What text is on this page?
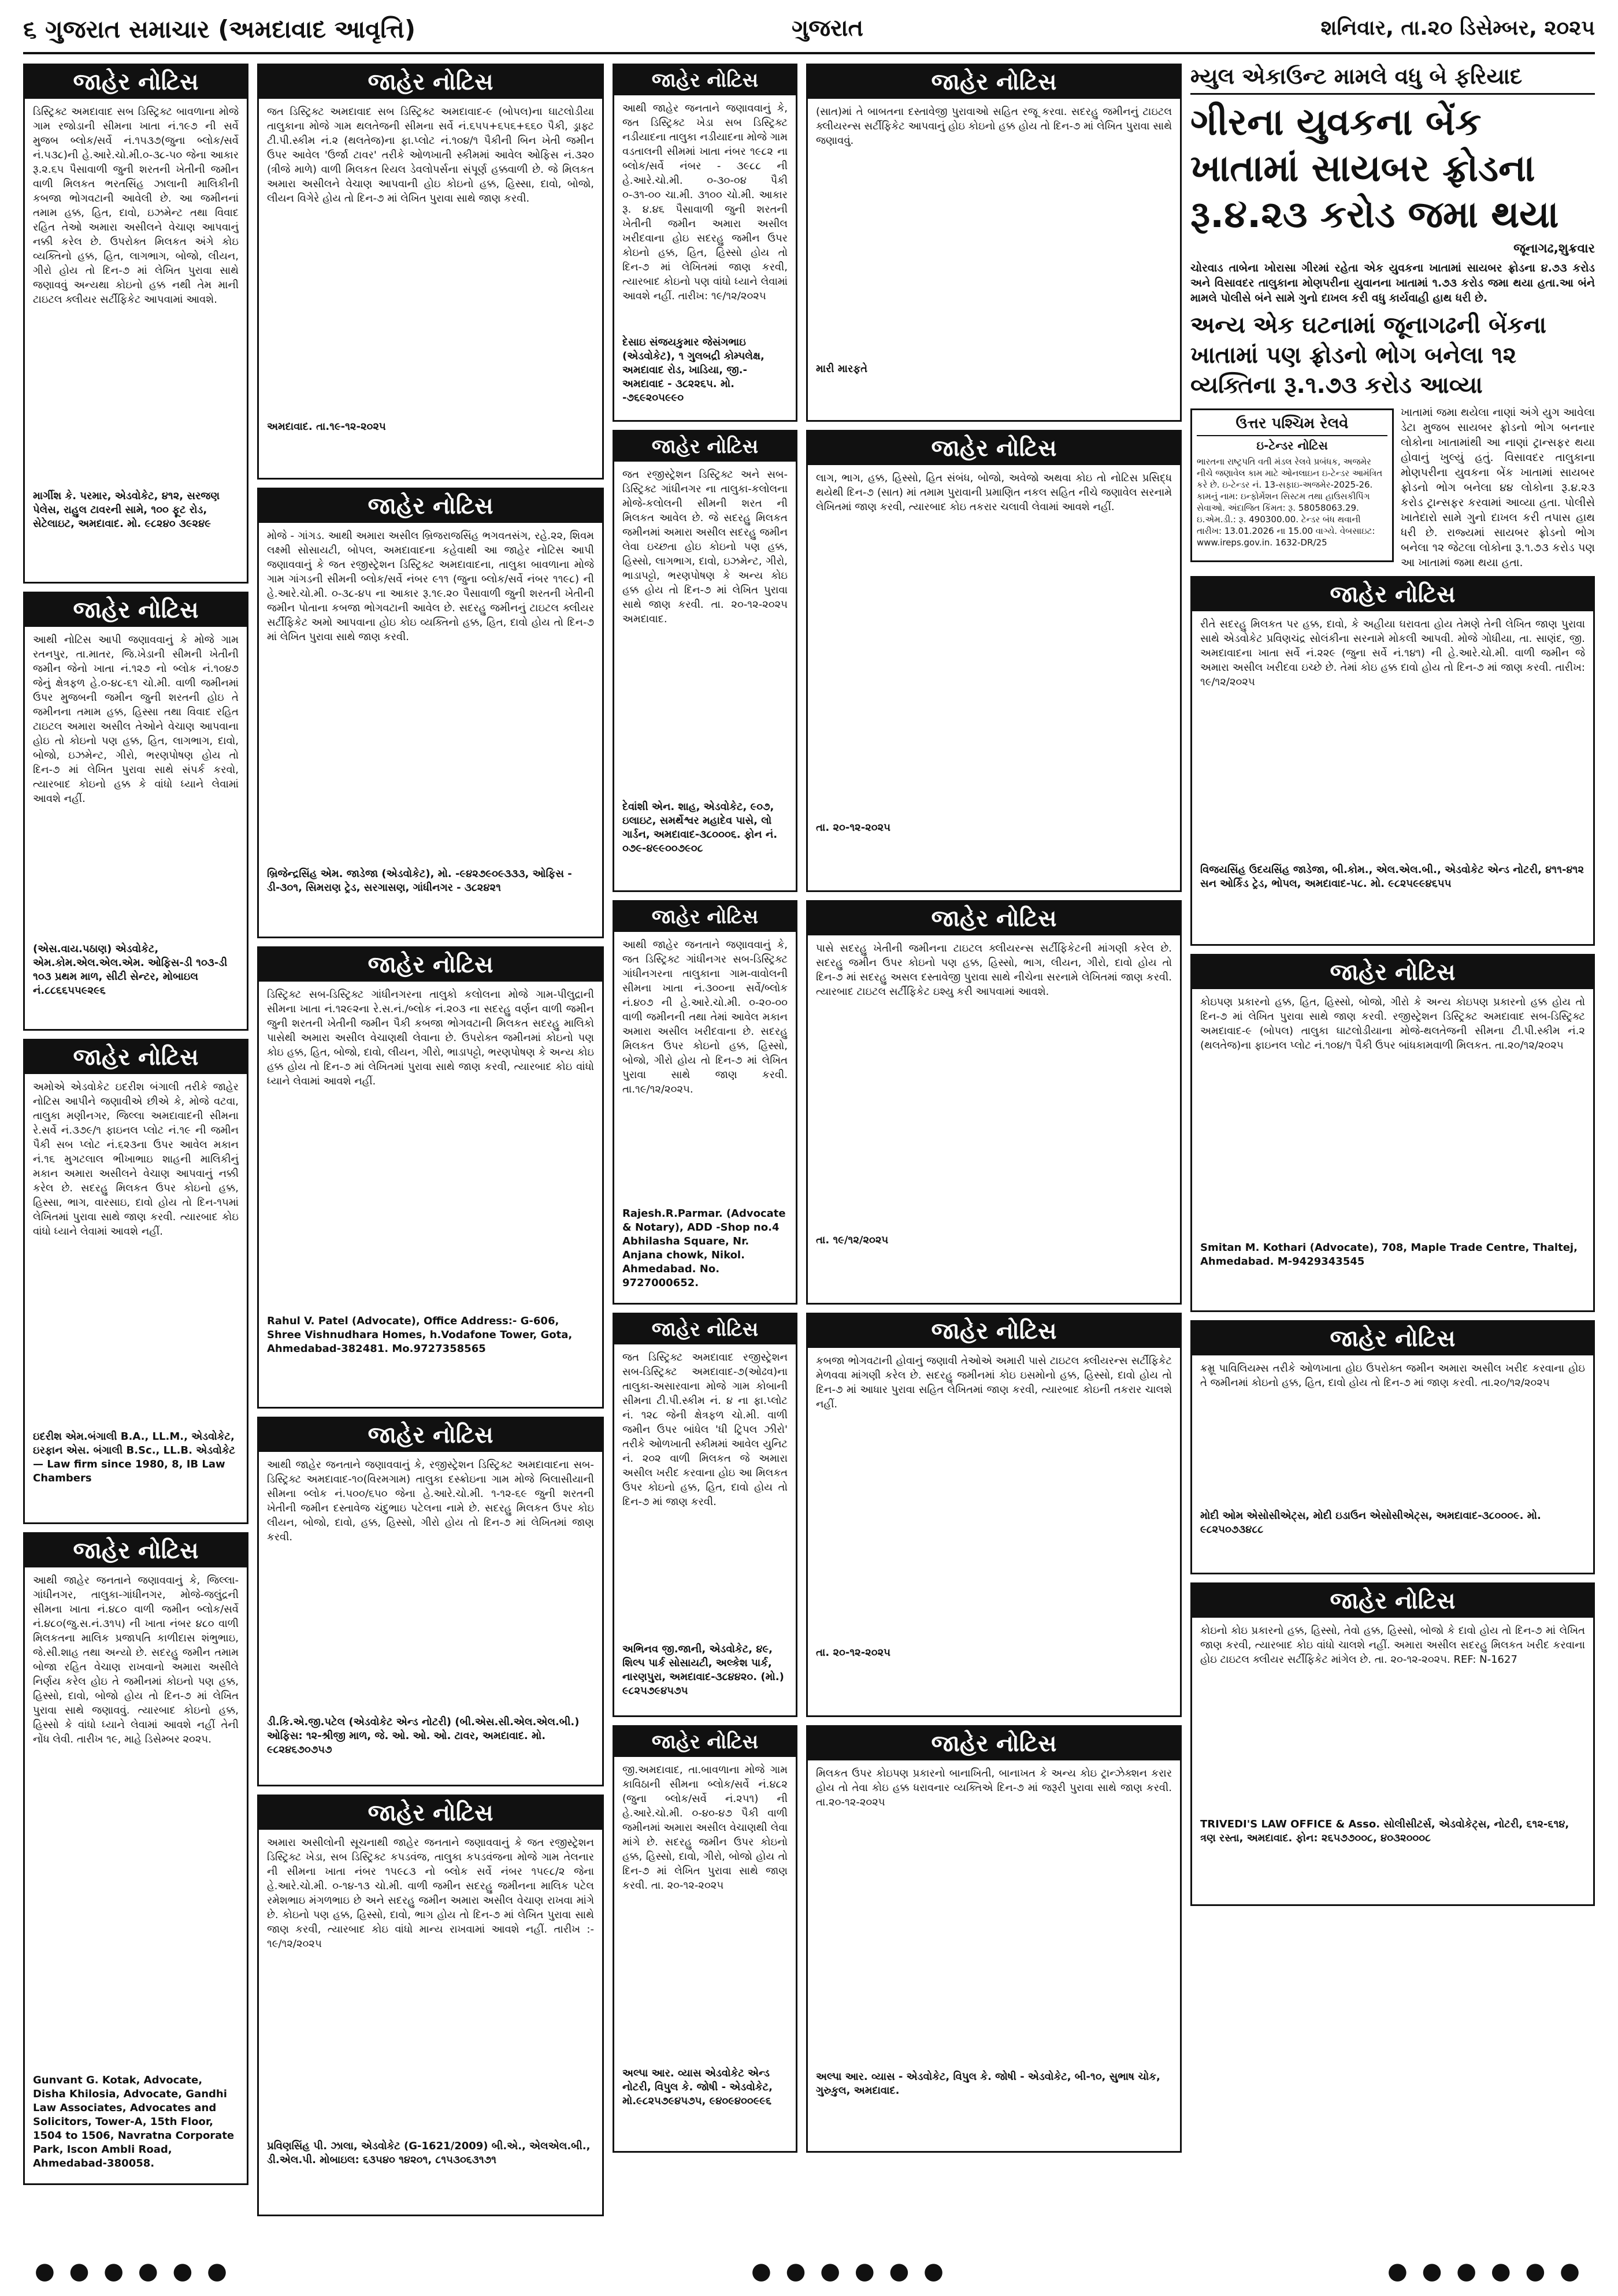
૬ ગુજરાત સમાચાર (અમદાવાદ આવૃત્તિ)	ગુજરાત	શનિવાર, તા.૨૦ ડિસેમ્બર, ૨૦૨૫
જાહેર નોટિસ
ડિસ્ટ્રિક્ટ અમદાવાદ સબ ડિસ્ટ્રિક્ટ બાવળાના મોજે ગામ રજોડાની સીમના ખાતા નં.૧૯૭ ની સર્વે મુજબ બ્લોક/સર્વે નં.૧૫૩૭(જુના બ્લોક/સર્વે નં.૫૩૮)ની હે.આરે.ચો.મી.૦-૩૮-૫૦ જેના આકાર રૂ.૨.૬૫ પૈસાવાળી જુની શરતની ખેતીની જમીન વાળી મિલકત ભરતસિંહ ઝાલાની માલિકીની કબજા ભોગવટાની આવેલી છે. આ જમીનનાં તમામ હક્ક, હિત, દાવો, ઇઝમેન્ટ તથા વિવાદ રહિત તેઓ અમારા અસીલને વેચાણ આપવાનું નક્કી કરેલ છે. ઉપરોક્ત મિલકત અંગે કોઇ વ્યક્તિનો હક્ક, હિત, લાગભાગ, બોજો, લીયન, ગીરો હોય તો દિન-૭ માં લેખિત પુરાવા સાથે જણાવવું અન્યથા કોઇનો હક્ક નથી તેમ માની ટાઇટલ ક્લીયર સર્ટીફિકેટ આપવામાં આવશે.
માર્ગીશ કે. પરમાર, એડવોકેટ, ૪૧૨, સરજણ પેલેસ, રાહુલ ટાવરની સામે, ૧૦૦ ફૂટ રોડ, સેટેલાઇટ, અમદાવાદ. મો. ૯૮૨૪૦ ૩૯૨૪૯
જાહેર નોટિસ
આથી નોટિસ આપી જણાવવાનું કે મોજે ગામ રતનપુર, તા.માતર, જિ.ખેડાની સીમની ખેતીની જમીન જેનો ખાતા નં.૧૨૭ નો બ્લોક નં.૧૦૪૭ જેનું ક્ષેત્રફળ હે.૦-૪૮-૬૧ ચો.મી. વાળી જમીનમાં ઉપર મુજબની જમીન જુની શરતની હોઇ તે જમીનના તમામ હક્ક, હિસ્સા તથા વિવાદ રહિત ટાઇટલ અમારા અસીલ તેઓને વેચાણ આપવાના હોઇ તો કોઇનો પણ હક્ક, હિત, લાગભાગ, દાવો, બોજો, ઇઝમેન્ટ, ગીરો, ભરણપોષણ હોય તો દિન-૭ માં લેખિત પુરાવા સાથે સંપર્ક કરવો, ત્યારબાદ કોઇનો હક્ક કે વાંધો ધ્યાને લેવામાં આવશે નહીં.
(એસ.વાય.પઠાણ) એડવોકેટ, એમ.કોમ.એલ.એલ.એમ. ઓફિસ-ડી ૧૦૩-ડી ૧૦૩ પ્રથમ માળ, સીટી સેન્ટર, મોબાઇલ નં.૮૮૬૬૫૫૯૨૯૬
જાહેર નોટિસ
અમોએ એડવોકેટ ઇદરીશ બંગાલી તરીકે જાહેર નોટિસ આપીને જણાવીએ છીએ કે, મોજે વટવા, તાલુકા મણીનગર, જિલ્લા અમદાવાદની સીમના રે.સર્વે નં.૩૭૯/૧ ફાઇનલ પ્લોટ નં.૧૯ ની જમીન પૈકી સબ પ્લોટ નં.૬૨૩ના ઉપર આવેલ મકાન નં.૧૬ મુગટલાલ ભીખાભાઇ શાહની માલિકીનું મકાન અમારા અસીલને વેચાણ આપવાનું નક્કી કરેલ છે. સદરહુ મિલકત ઉપર કોઇનો હક્ક, હિસ્સા, ભાગ, વારસાઇ, દાવો હોય તો દિન-૧૫માં લેખિતમાં પુરાવા સાથે જાણ કરવી. ત્યારબાદ કોઇ વાંધો ધ્યાને લેવામાં આવશે નહીં.
ઇદરીશ એમ.બંગાલી B.A., LL.M., એડવોકેટ, ઇરફાન એસ. બંગાલી B.Sc., LL.B. એડવોકેટ — Law firm since 1980, 8, IB Law Chambers
જાહેર નોટિસ
આથી જાહેર જનતાને જણાવવાનું કે, જિલ્લા-ગાંધીનગર, તાલુકા-ગાંધીનગર, મોજે-જલુંદ્રની સીમના ખાતા નં.૪૮૦ વાળી જમીન બ્લોક/સર્વે નં.૪૮૦(જુ.સ.નં.૩૧૫) ની ખાતા નંબર ૪૮૦ વાળી મિલકતના માલિક પ્રજાપતિ કાળીદાસ શંભુભાઇ, જે.સી.શાહ તથા અન્યો છે. સદરહુ જમીન તમામ બોજા રહિત વેચાણ રાખવાનો અમારા અસીલે નિર્ણય કરેલ હોઇ તે જમીનમાં કોઇનો પણ હક્ક, હિસ્સો, દાવો, બોજો હોય તો દિન-૭ માં લેખિત પુરાવા સાથે જણાવવું. ત્યારબાદ કોઇનો હક્ક, હિસ્સો કે વાંધો ધ્યાને લેવામાં આવશે નહીં તેની નોંધ લેવી. તારીખ ૧૯, માહે ડિસેમ્બર ૨૦૨૫.
Gunvant G. Kotak, Advocate, Disha Khilosia, Advocate, Gandhi Law Associates, Advocates and Solicitors, Tower-A, 15th Floor, 1504 to 1506, Navratna Corporate Park, Iscon Ambli Road, Ahmedabad-380058.
જાહેર નોટિસ
જત ડિસ્ટ્રિક્ટ અમદાવાદ સબ ડિસ્ટ્રિક્ટ અમદાવાદ-૯ (બોપલ)ના ઘાટલોડીયા તાલુકાના મોજે ગામ થલતેજની સીમના સર્વે નં.૬૫૫+૬૫૬+૬૬૦ પૈકી, ડ્રાફ્ટ ટી.પી.સ્કીમ નં.૨ (થલતેજ)ના ફા.પ્લોટ નં.૧૦૪/૧ પૈકીની બિન ખેતી જમીન ઉપર આવેલ 'ઉર્જા ટાવર' તરીકે ઓળખાતી સ્કીમમાં આવેલ ઓફિસ નં.૩૨૦ (ત્રીજે માળે) વાળી મિલકત રિયલ ડેવલોપર્સના સંપૂર્ણ હક્કવાળી છે. જે મિલકત અમારા અસીલને વેચાણ આપવાની હોઇ કોઇનો હક્ક, હિસ્સા, દાવો, બોજો, લીયન વિગેરે હોય તો દિન-૭ માં લેખિત પુરાવા સાથે જાણ કરવી.
અમદાવાદ. તા.૧૯-૧૨-૨૦૨૫
જાહેર નોટિસ
મોજે - ગાંગડ. આથી અમારા અસીલ બ્રિજરાજસિંહ ભગવતસંગ, રહે.૨૨, શિવમ લક્ષ્મી સોસાયટી, બોપલ, અમદાવાદના કહેવાથી આ જાહેર નોટિસ આપી જણાવવાનું કે જત રજીસ્ટ્રેશન ડિસ્ટ્રિક્ટ અમદાવાદના, તાલુકા બાવળાના મોજે ગામ ગાંગડની સીમની બ્લોક/સર્વે નંબર ૯૧૧ (જુના બ્લોક/સર્વે નંબર ૧૧૯૮) ની હે.આરે.ચો.મી. ૦-૩૮-૪૫ ના આકાર રૂ.૧૯.૨૦ પૈસાવાળી જુની શરતની ખેતીની જમીન પોતાના કબજા ભોગવટાની આવેલ છે. સદરહુ જમીનનું ટાઇટલ ક્લીયર સર્ટીફિકેટ અમો આપવાના હોઇ કોઇ વ્યક્તિનો હક્ક, હિત, દાવો હોય તો દિન-૭ માં લેખિત પુરાવા સાથે જાણ કરવી.
બ્રિજેન્દ્રસિંહ એમ. જાડેજા (એડવોકેટ), મો. -૯૪૨૭૯૦૯૩૩૩, ઓફિસ - ડી-૩૦૧, સિમરાણ ટ્રેડ, સરગાસણ, ગાંધીનગર - ૩૮૨૪૨૧
જાહેર નોટિસ
ડિસ્ટ્રિક્ટ સબ-ડિસ્ટ્રિક્ટ ગાંધીનગરના તાલુકો કલોલના મોજે ગામ-પીલુદ્રાની સીમના ખાતા નં.૧૨૯૨ના રે.સ.નં./બ્લોક નં.૨૦૩ ના સદરહુ વર્ણન વાળી જમીન જુની શરતની ખેતીની જમીન પૈકી કબજા ભોગવટાની મિલકત સદરહુ માલિકો પાસેથી અમારા અસીલ વેચાણથી લેવાના છે. ઉપરોક્ત જમીનમાં કોઇનો પણ કોઇ હક્ક, હિત, બોજો, દાવો, લીયન, ગીરો, ભાડાપટ્ટો, ભરણપોષણ કે અન્ય કોઇ હક્ક હોય તો દિન-૭ માં લેખિતમાં પુરાવા સાથે જાણ કરવી, ત્યારબાદ કોઇ વાંધો ધ્યાને લેવામાં આવશે નહીં.
Rahul V. Patel (Advocate), Office Address:- G-606, Shree Vishnudhara Homes, h.Vodafone Tower, Gota, Ahmedabad-382481. Mo.9727358565
જાહેર નોટિસ
આથી જાહેર જનતાને જણાવવાનું કે, રજીસ્ટ્રેશન ડિસ્ટ્રિક્ટ અમદાવાદના સબ-ડિસ્ટ્રિક્ટ અમદાવાદ-૧૦(વિરમગામ) તાલુકા દસ્ક્રોઇના ગામ મોજે બિલાસીયાની સીમના બ્લોક નં.૫૦૦/૬૫૦ જેના હે.આરે.ચો.મી. ૧-૧૨-૬૯ જુની શરતની ખેતીની જમીન દસ્તાવેજ ચંદુભાઇ પટેલના નામે છે. સદરહુ મિલકત ઉપર કોઇ લીયન, બોજો, દાવો, હક્ક, હિસ્સો, ગીરો હોય તો દિન-૭ માં લેખિતમાં જાણ કરવી.
ડી.કિ.એ.જી.પટેલ (એડવોકેટ એન્ડ નોટરી) (બી.એસ.સી.એલ.એલ.બી.) ઓફિસ: ૧૨-શ્રીજી માળ, જે. ઓ. ઓ. ઓ. ટાવર, અમદાવાદ. મો. ૯૮૨૪૬૭૦૭૫૭
જાહેર નોટિસ
અમારા અસીલોની સૂચનાથી જાહેર જનતાને જણાવવાનું કે જત રજીસ્ટ્રેશન ડિસ્ટ્રિક્ટ ખેડા, સબ ડિસ્ટ્રિક્ટ કપડવંજ, તાલુકા કપડવંજના મોજે ગામ તેલનાર ની સીમના ખાતા નંબર ૧૫૯૮૩ નો બ્લોક સર્વે નંબર ૧૫૯૮/૨ જેના હે.આરે.ચો.મી. ૦-૧૪-૧૩ ચો.મી. વાળી જમીન સદરહુ જમીનના માલિક પટેલ રમેશભાઇ મંગળભાઇ છે અને સદરહુ જમીન અમારા અસીલ વેચાણ રાખવા માંગે છે. કોઇનો પણ હક્ક, હિસ્સો, દાવો, ભાગ હોય તો દિન-૭ માં લેખિત પુરાવા સાથે જાણ કરવી, ત્યારબાદ કોઇ વાંધો માન્ય રાખવામાં આવશે નહીં. તારીખ :- ૧૯/૧૨/૨૦૨૫
પ્રવિણસિંહ પી. ઝાલા, એડવોકેટ (G-1621/2009) બી.એ., એલએલ.બી., ડી.એલ.પી. મોબાઇલ: ૬૩૫૪૦ ૧૪૨૦૧, ૮૧૫૩૦૬૩૧૭૧
જાહેર નોટિસ
આથી જાહેર જનતાને જણાવવાનું કે, જત ડિસ્ટ્રિક્ટ ખેડા સબ ડિસ્ટ્રિક્ટ નડીયાદના તાલુકા નડીયાદના મોજે ગામ વડતાલની સીમમાં ખાતા નંબર ૧૯૮૨ ના બ્લોક/સર્વે નંબર - ૩૯૮૮ ની હે.આરે.ચો.મી. ૦-૩૦-૦૪ પૈકી ૦-૩૧-૦૦ ચા.મી. ૩૧૦૦ ચો.મી. આકાર રૂ. ૪.૪૬ પૈસાવાળી જુની શરતની ખેતીની જમીન અમારા અસીલ ખરીદવાના હોઇ સદરહુ જમીન ઉપર કોઇનો હક્ક, હિત, હિસ્સો હોય તો દિન-૭ માં લેખિતમાં જાણ કરવી, ત્યારબાદ કોઇનો પણ વાંધો ધ્યાને લેવામાં આવશે નહીં. તારીખ: ૧૯/૧૨/૨૦૨૫
દેસાઇ સંજયકુમાર જેસંગભાઇ (એડવોકેટ), ૧ ગુલબદ્રી કોમ્પલેક્ષ, અમદાવાદ રોડ, ખાડિયા, જી.-અમદાવાદ - ૩૮૨૨૬૫. મો. -૭૬૯૨૦૫૯૯૦
જાહેર નોટિસ
જત રજીસ્ટ્રેશન ડિસ્ટ્રિક્ટ અને સબ-ડિસ્ટ્રિક્ટ ગાંધીનગર ના તાલુકા-કલોલના મોજે-કલોલની સીમની શરત ની મિલકત આવેલ છે. જે સદરહુ મિલકત જમીનમાં અમારા અસીલ સદરહુ જમીન લેવા ઇચ્છતા હોઇ કોઇનો પણ હક્ક, હિસ્સો, લાગભાગ, દાવો, ઇઝમેન્ટ, ગીરો, ભાડાપટ્ટો, ભરણપોષણ કે અન્ય કોઇ હક્ક હોય તો દિન-૭ માં લેખિત પુરાવા સાથે જાણ કરવી. તા. ૨૦-૧૨-૨૦૨૫ અમદાવાદ.
દેવાંશી એન. શાહ, એડવોકેટ, ૯૦૭, ઇલાઇટ, સમર્થેશ્વર મહાદેવ પાસે, લો ગાર્ડન, અમદાવાદ-૩૮૦૦૦૬. ફોન નં. ૦૭૯-૪૯૯૦૦૭૯૦૮
જાહેર નોટિસ
આથી જાહેર જનતાને જણાવવાનું કે, જત ડિસ્ટ્રિક્ટ ગાંધીનગર સબ-ડિસ્ટ્રિક્ટ ગાંધીનગરના તાલુકાના ગામ-વાવોલની સીમના ખાતા નં.૩૦૦ના સર્વે/બ્લોક નં.૪૦૭ ની હે.આરે.ચો.મી. ૦-૨૦-૦૦ વાળી જમીનની તથા તેમાં આવેલ મકાન અમારા અસીલ ખરીદવાના છે. સદરહુ મિલકત ઉપર કોઇનો હક્ક, હિસ્સો, બોજો, ગીરો હોય તો દિન-૭ માં લેખિત પુરાવા સાથે જાણ કરવી. તા.૧૯/૧૨/૨૦૨૫.
Rajesh.R.Parmar. (Advocate & Notary), ADD -Shop no.4 Abhilasha Square, Nr. Anjana chowk, Nikol. Ahmedabad. No. 9727000652.
જાહેર નોટિસ
જત ડિસ્ટ્રિક્ટ અમદાવાદ રજીસ્ટ્રેશન સબ-ડિસ્ટ્રિક્ટ અમદાવાદ-૭(ઓઢવ)ના તાલુકા-અસારવાના મોજે ગામ કોબાની સીમના ટી.પી.સ્કીમ નં. ૪ ના ફા.પ્લોટ નં. ૧૨૮ જેની ક્ષેત્રફળ ચો.મી. વાળી જમીન ઉપર બાંધેલ 'ધી ટ્રિપલ ઝીરો' તરીકે ઓળખાતી સ્કીમમાં આવેલ યુનિટ નં. ૨૦૨ વાળી મિલકત જે અમારા અસીલ ખરીદ કરવાના હોઇ આ મિલકત ઉપર કોઇનો હક્ક, હિત, દાવો હોય તો દિન-૭ માં જાણ કરવી.
અભિનવ જી.જાની, એડવોકેટ, ૪૯, શિલ્પ પાર્ક સોસાયટી, અલ્કેશ પાર્ક, નારણપુરા, અમદાવાદ-૩૮૪૪૨૦. (મો.) ૯૮૨૫૭૯૪૫૭૫
જાહેર નોટિસ
જી.અમદાવાદ, તા.બાવળાના મોજે ગામ કાવિઠાની સીમના બ્લોક/સર્વે નં.૪૮૨ (જુના બ્લોક/સર્વે નં.૨૫૧) ની હે.આરે.ચો.મી. ૦-૪૦-૪૭ પૈકી વાળી જમીનમાં અમારા અસીલ વેચાણથી લેવા માંગે છે. સદરહુ જમીન ઉપર કોઇનો હક્ક, હિસ્સો, દાવો, ગીરો, બોજો હોય તો દિન-૭ માં લેખિત પુરાવા સાથે જાણ કરવી. તા. ૨૦-૧૨-૨૦૨૫
અલ્પા આર. વ્યાસ એડવોકેટ એન્ડ નોટરી, વિપુલ કે. જોષી - એડવોકેટ, મો.૯૮૨૫૭૯૪૫૭૫, ૯૪૦૯૪૦૦૯૯૬
જાહેર નોટિસ
(સાત)માં તે બાબતના દસ્તાવેજી પુરાવાઓ સહિત રજૂ કરવા. સદરહુ જમીનનું ટાઇટલ ક્લીયરન્સ સર્ટીફિકેટ આપવાનું હોઇ કોઇનો હક્ક હોય તો દિન-૭ માં લેખિત પુરાવા સાથે જણાવવું.
મારી મારફતે
જાહેર નોટિસ
લાગ, ભાગ, હક્ક, હિસ્સો, હિત સંબંધ, બોજો, અવેજો અથવા કોઇ તો નોટિસ પ્રસિદ્ધ થયેથી દિન-૭ (સાત) માં તમામ પુરાવાની પ્રમાણિત નકલ સહિત નીચે જણાવેલ સરનામે લેખિતમાં જાણ કરવી, ત્યારબાદ કોઇ તકરાર ચલાવી લેવામાં આવશે નહીં.
તા. ૨૦-૧૨-૨૦૨૫
જાહેર નોટિસ
પાસે સદરહુ ખેતીની જમીનના ટાઇટલ ક્લીયરન્સ સર્ટીફિકેટની માંગણી કરેલ છે. સદરહુ જમીન ઉપર કોઇનો પણ હક્ક, હિસ્સો, ભાગ, લીયન, ગીરો, દાવો હોય તો દિન-૭ માં સદરહુ અસલ દસ્તાવેજી પુરાવા સાથે નીચેના સરનામે લેખિતમાં જાણ કરવી. ત્યારબાદ ટાઇટલ સર્ટીફિકેટ ઇશ્યુ કરી આપવામાં આવશે.
તા. ૧૯/૧૨/૨૦૨૫
જાહેર નોટિસ
કબજા ભોગવટાની હોવાનું જણાવી તેઓએ અમારી પાસે ટાઇટલ ક્લીયરન્સ સર્ટીફિકેટ મેળવવા માંગણી કરેલ છે. સદરહુ જમીનમાં કોઇ ઇસમોનો હક્ક, હિસ્સો, દાવો હોય તો દિન-૭ માં આધાર પુરાવા સહિત લેખિતમાં જાણ કરવી, ત્યારબાદ કોઇની તકરાર ચાલશે નહીં.
તા. ૨૦-૧૨-૨૦૨૫
જાહેર નોટિસ
મિલકત ઉપર કોઇપણ પ્રકારનો બાનાખિતી, બાનાખત કે અન્ય કોઇ ટ્રાન્ઝેક્શન કરાર હોય તો તેવા કોઇ હક્ક ધરાવનાર વ્યક્તિએ દિન-૭ માં જરૂરી પુરાવા સાથે જાણ કરવી. તા.૨૦-૧૨-૨૦૨૫
અલ્પા આર. વ્યાસ - એડવોકેટ, વિપુલ કે. જોષી - એડવોકેટ, બી-૧૦, સુભાષ ચોક, ગુરુકુલ, અમદાવાદ.
મ્યુલ એકાઉન્ટ મામલે વધુ બે ફરિયાદ
ગીરના યુવકના બેંક ખાતામાં સાયબર ફ્રોડના રૂ.૪.૨૩ કરોડ જમા થયા
જૂનાગઢ,શુક્રવાર
ચોરવાડ તાબેના ખોરાસા ગીરમાં રહેતા એક યુવકના ખાતામાં સાયબર ફ્રોડના ૪.૭૩ કરોડ અને વિસાવદર તાલુકાના મોણપરીના યુવાનના ખાતામાં ૧.૭૩ કરોડ જમા થયા હતા.આ બંને મામલે પોલીસે બંને સામે ગુનો દાખલ કરી વધુ કાર્યવાહી હાથ ધરી છે.
અન્ય એક ઘટનામાં જૂનાગઢની બેંકના ખાતામાં પણ ફ્રોડનો ભોગ બનેલા ૧૨ વ્યક્તિના રૂ.૧.૭૩ કરોડ આવ્યા
ઉત્તર પશ્ચિમ રેલવે
ઇ-ટેન્ડર નોટિસ
ભારતના રાષ્ટ્રપતિ વતી મંડલ રેલવે પ્રબંધક, અજમેર નીચે જણાવેલ કામ માટે ઓનલાઇન ઇ-ટેન્ડર આમંત્રિત કરે છે. ઇ-ટેન્ડર નં. 13-સફાઇ-અજમેર-2025-26. કામનું નામ: ઇન્ફોર્મેશન સિસ્ટમ તથા હાઉસકીપિંગ સેવાઓ. અંદાજિત કિંમત: રૂ. 58058063.29. ઇ.એમ.ડી.: રૂ. 490300.00. ટેન્ડર બંધ થવાની તારીખ: 13.01.2026 ના 15.00 વાગ્યે. વેબસાઇટ: www.ireps.gov.in. 1632-DR/25
ખાતામાં જમા થયેલા નાણાં અંગે યુગ આવેલા ડેટા મુજબ સાયબર ફ્રોડનો ભોગ બનનાર લોકોના ખાતામાંથી આ નાણાં ટ્રાન્સફર થયા હોવાનું ખુલ્યું હતું. વિસાવદર તાલુકાના મોણપરીના યુવકના બેંક ખાતામાં સાયબર ફ્રોડનો ભોગ બનેલા ૪૪ લોકોના રૂ.૪.૨૩ કરોડ ટ્રાન્સફર કરવામાં આવ્યા હતા. પોલીસે ખાતેદારો સામે ગુનો દાખલ કરી તપાસ હાથ ધરી છે. રાજ્યમાં સાયબર ફ્રોડનો ભોગ બનેલા ૧૨ જેટલા લોકોના રૂ.૧.૭૩ કરોડ પણ આ ખાતામાં જમા થયા હતા.
જાહેર નોટિસ
રીતે સદરહુ મિલકત પર હક્ક, દાવો, કે અહીયા ઘરાવતા હોય તેમણે તેની લેખિત જાણ પુરાવા સાથે એડવોકેટ પ્રવિણચંદ્ર સોલંકીના સરનામે મોકલી આપવી. મોજે ગોધીયા, તા. સાણંદ, જી. અમદાવાદના ખાતા સર્વે નં.૨૨૯ (જુના સર્વે નં.૧૪૧) ની હે.આરે.ચો.મી. વાળી જમીન જે અમારા અસીલ ખરીદવા ઇચ્છે છે. તેમાં કોઇ હક્ક દાવો હોય તો દિન-૭ માં જાણ કરવી. તારીખ: ૧૯/૧૨/૨૦૨૫
વિજયસિંહ ઉદયસિંહ જાડેજા, બી.કોમ., એલ.એલ.બી., એડવોકેટ એન્ડ નોટરી, ૪૧૧-૪૧૨ સન ઓર્કિડ ટ્રેડ, ભોપલ, અમદાવાદ-૫૮. મો. ૯૮૨૫૯૯૪૬૫૫
જાહેર નોટિસ
કોઇપણ પ્રકારનો હક્ક, હિત, હિસ્સો, બોજો, ગીરો કે અન્ય કોઇપણ પ્રકારનો હક્ક હોય તો દિન-૭ માં લેખિત પુરાવા સાથે જાણ કરવી. રજીસ્ટ્રેશન ડિસ્ટ્રિક્ટ અમદાવાદ સબ-ડિસ્ટ્રિક્ટ અમદાવાદ-૯ (બોપલ) તાલુકા ઘાટલોડીયાના મોજે-થલતેજની સીમના ટી.પી.સ્કીમ નં.૨ (થલતેજ)ના ફાઇનલ પ્લોટ નં.૧૦૪/૧ પૈકી ઉપર બાંધકામવાળી મિલકત. તા.૨૦/૧૨/૨૦૨૫
Smitan M. Kothari (Advocate), 708, Maple Trade Centre, Thaltej, Ahmedabad. M-9429343545
જાહેર નોટિસ
ક્રમ્રૂ પાવિલિયમ્સ તરીકે ઓળખાતા હોઇ ઉપરોક્ત જમીન અમારા અસીલ ખરીદ કરવાના હોઇ તે જમીનમાં કોઇનો હક્ક, હિત, દાવો હોય તો દિન-૭ માં જાણ કરવી. તા.૨૦/૧૨/૨૦૨૫
મોદી ઓમ એસોસીએટ્સ, મોદી ઇડાઉન એસોસીએટ્સ, અમદાવાદ-૩૮૦૦૦૯. મો. ૯૮૨૫૦૭૩૪૮૮
જાહેર નોટિસ
કોઇનો કોઇ પ્રકારનો હક્ક, હિસ્સો, તેવો હક્ક, હિસ્સો, બોજો કે દાવો હોય તો દિન-૭ માં લેખિત જાણ કરવી, ત્યારબાદ કોઇ વાંધો ચાલશે નહીં. અમારા અસીલ સદરહુ મિલકત ખરીદ કરવાના હોઇ ટાઇટલ ક્લીયર સર્ટીફિકેટ માંગેલ છે. તા. ૨૦-૧૨-૨૦૨૫. REF: N-1627
TRIVEDI'S LAW OFFICE & Asso. સોલીસીટર્સ, એડવોકેટ્સ, નોટરી, ૬૧૨-૬૧૪, ત્રણ રસ્તા, અમદાવાદ. ફોન: ૨૬૫૭૭૦૦૮, ૪૦૩૨૦૦૦૮
● ● ● ● ● ●	● ● ● ● ● ●	● ● ● ● ● ●
